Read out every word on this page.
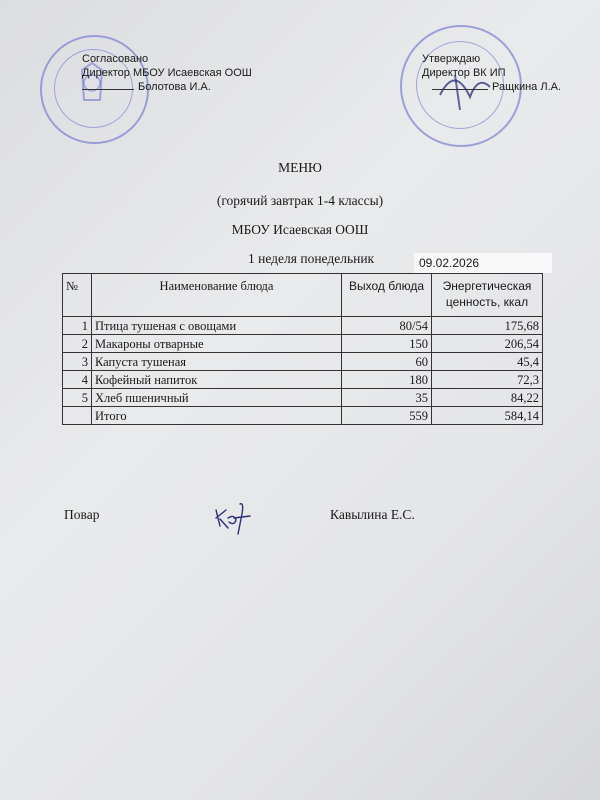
Согласовано
Директор МБОУ Исаевская ООШ
Болотова И.А.
Утверждаю
Директор ВК ИП
Ращкина Л.А.
МЕНЮ
(горячий завтрак 1-4 классы)
МБОУ Исаевская ООШ
1 неделя понедельник	09.02.2026
№	Наименование блюда	Выход блюда	Энергетическая
ценность, ккал

1	Птица тушеная с овощами	80/54	175,68
2	Макароны отварные	150	206,54
3	Капуста тушеная	60	45,4
4	Кофейный напиток	180	72,3
5	Хлеб пшеничный	35	84,22
	Итого	559	584,14
Повар	Кавылина Е.С.
